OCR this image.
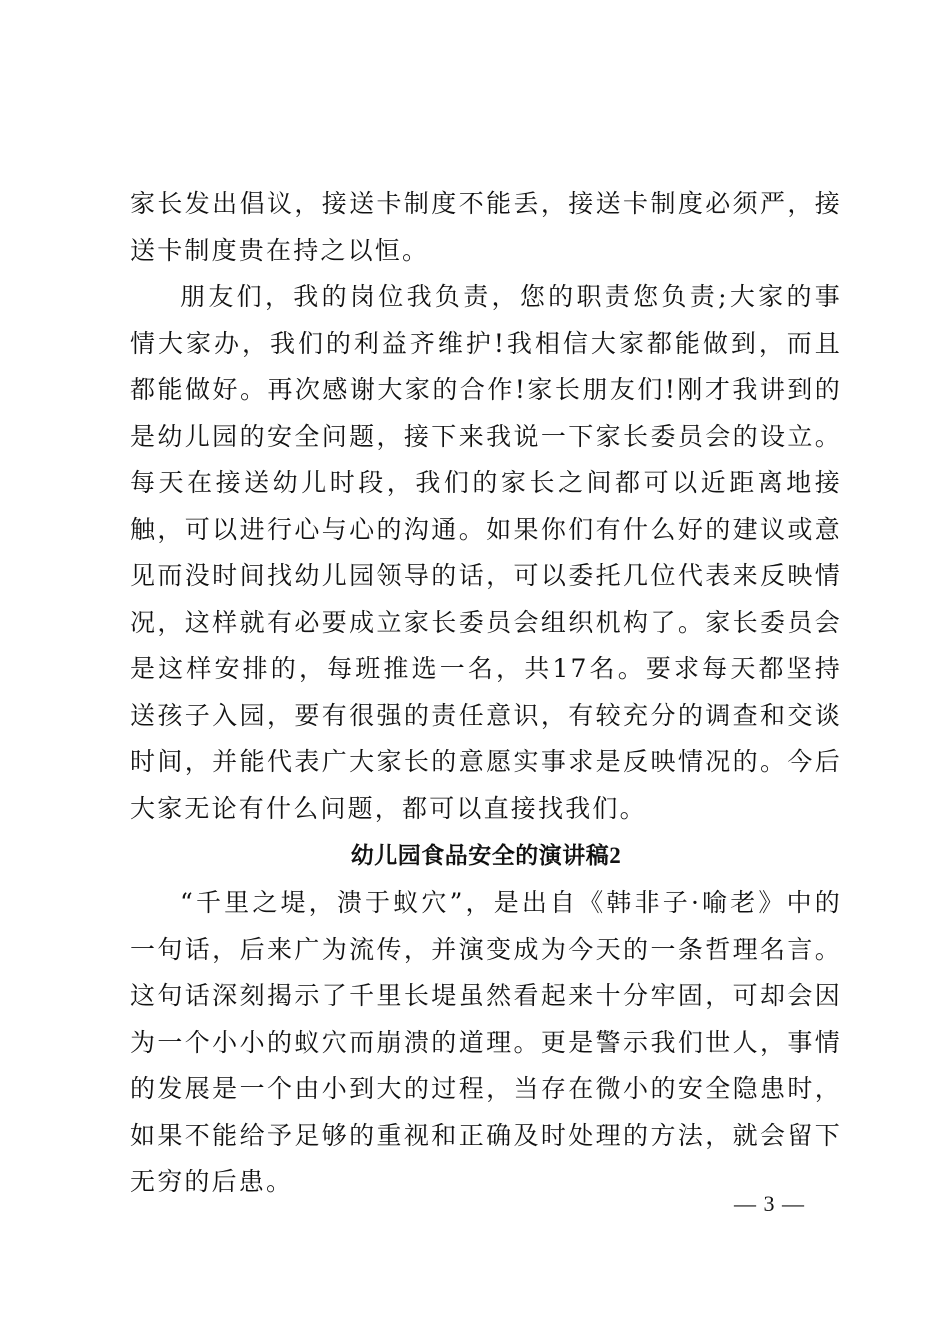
家长发出倡议，接送卡制度不能丢，接送卡制度必须严，接送卡制度贵在持之以恒。

朋友们，我的岗位我负责，您的职责您负责;大家的事情大家办，我们的利益齐维护!我相信大家都能做到，而且都能做好。再次感谢大家的合作!家长朋友们!刚才我讲到的是幼儿园的安全问题，接下来我说一下家长委员会的设立。每天在接送幼儿时段，我们的家长之间都可以近距离地接触，可以进行心与心的沟通。如果你们有什么好的建议或意见而没时间找幼儿园领导的话，可以委托几位代表来反映情况，这样就有必要成立家长委员会组织机构了。家长委员会是这样安排的，每班推选一名，共17名。要求每天都坚持送孩子入园，要有很强的责任意识，有较充分的调查和交谈时间，并能代表广大家长的意愿实事求是反映情况的。今后大家无论有什么问题，都可以直接找我们。

幼儿园食品安全的演讲稿2

“千里之堤，溃于蚁穴”，是出自《韩非子·喻老》中的一句话，后来广为流传，并演变成为今天的一条哲理名言。这句话深刻揭示了千里长堤虽然看起来十分牢固，可却会因为一个小小的蚁穴而崩溃的道理。更是警示我们世人，事情的发展是一个由小到大的过程，当存在微小的安全隐患时，如果不能给予足够的重视和正确及时处理的方法，就会留下无穷的后患。

— 3 —
